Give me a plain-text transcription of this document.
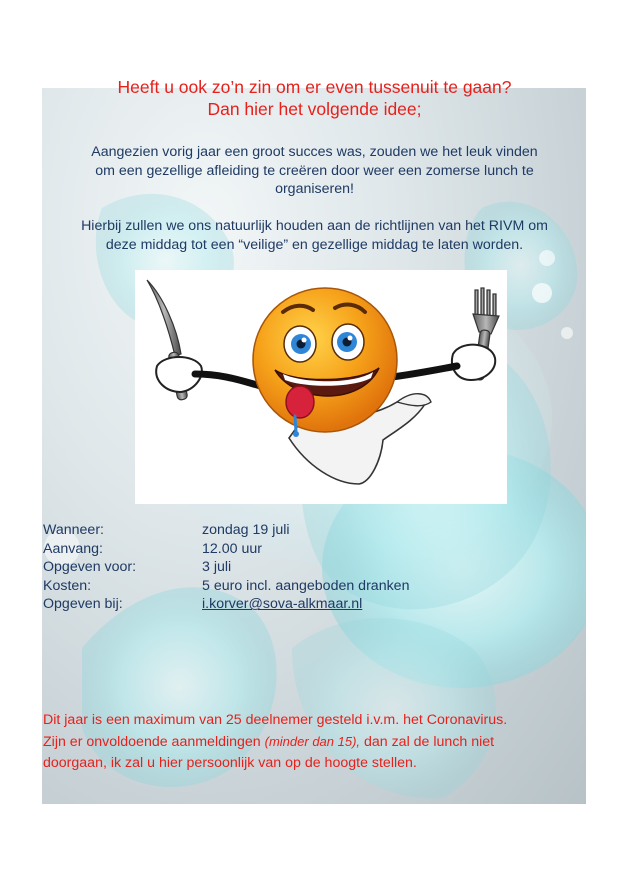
Heeft u ook zo’n zin om er even tussenuit te gaan?
Dan hier het volgende idee;
Aangezien vorig jaar een groot succes was, zouden we het leuk vinden
om een gezellige afleiding te creëren door weer een zomerse lunch te
organiseren!
Hierbij zullen we ons natuurlijk houden aan de richtlijnen van het RIVM om
deze middag tot een “veilige” en gezellige middag te laten worden.
Wanneer:	zondag 19 juli
Aanvang:	12.00 uur
Opgeven voor:	3 juli
Kosten:	5 euro incl. aangeboden dranken
Opgeven bij:	i.korver@sova-alkmaar.nl
Dit jaar is een maximum van 25 deelnemer gesteld i.v.m. het Coronavirus.
Zijn er onvoldoende aanmeldingen (minder dan 15), dan zal de lunch niet
doorgaan, ik zal u hier persoonlijk van op de hoogte stellen.
